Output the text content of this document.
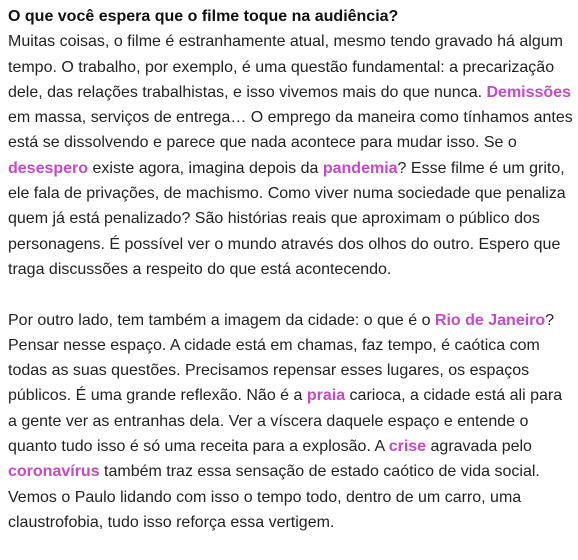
O que você espera que o filme toque na audiência?

Muitas coisas, o filme é estranhamente atual, mesmo tendo gravado há algum tempo. O trabalho, por exemplo, é uma questão fundamental: a precarização dele, das relações trabalhistas, e isso vivemos mais do que nunca. Demissões em massa, serviços de entrega… O emprego da maneira como tínhamos antes está se dissolvendo e parece que nada acontece para mudar isso. Se o desespero existe agora, imagina depois da pandemia? Esse filme é um grito, ele fala de privações, de machismo. Como viver numa sociedade que penaliza quem já está penalizado? São histórias reais que aproximam o público dos personagens. É possível ver o mundo através dos olhos do outro. Espero que traga discussões a respeito do que está acontecendo.

Por outro lado, tem também a imagem da cidade: o que é o Rio de Janeiro? Pensar nesse espaço. A cidade está em chamas, faz tempo, é caótica com todas as suas questões. Precisamos repensar esses lugares, os espaços públicos. É uma grande reflexão. Não é a praia carioca, a cidade está ali para a gente ver as entranhas dela. Ver a víscera daquele espaço e entende o quanto tudo isso é só uma receita para a explosão. A crise agravada pelo coronavírus também traz essa sensação de estado caótico de vida social. Vemos o Paulo lidando com isso o tempo todo, dentro de um carro, uma claustrofobia, tudo isso reforça essa vertigem.
